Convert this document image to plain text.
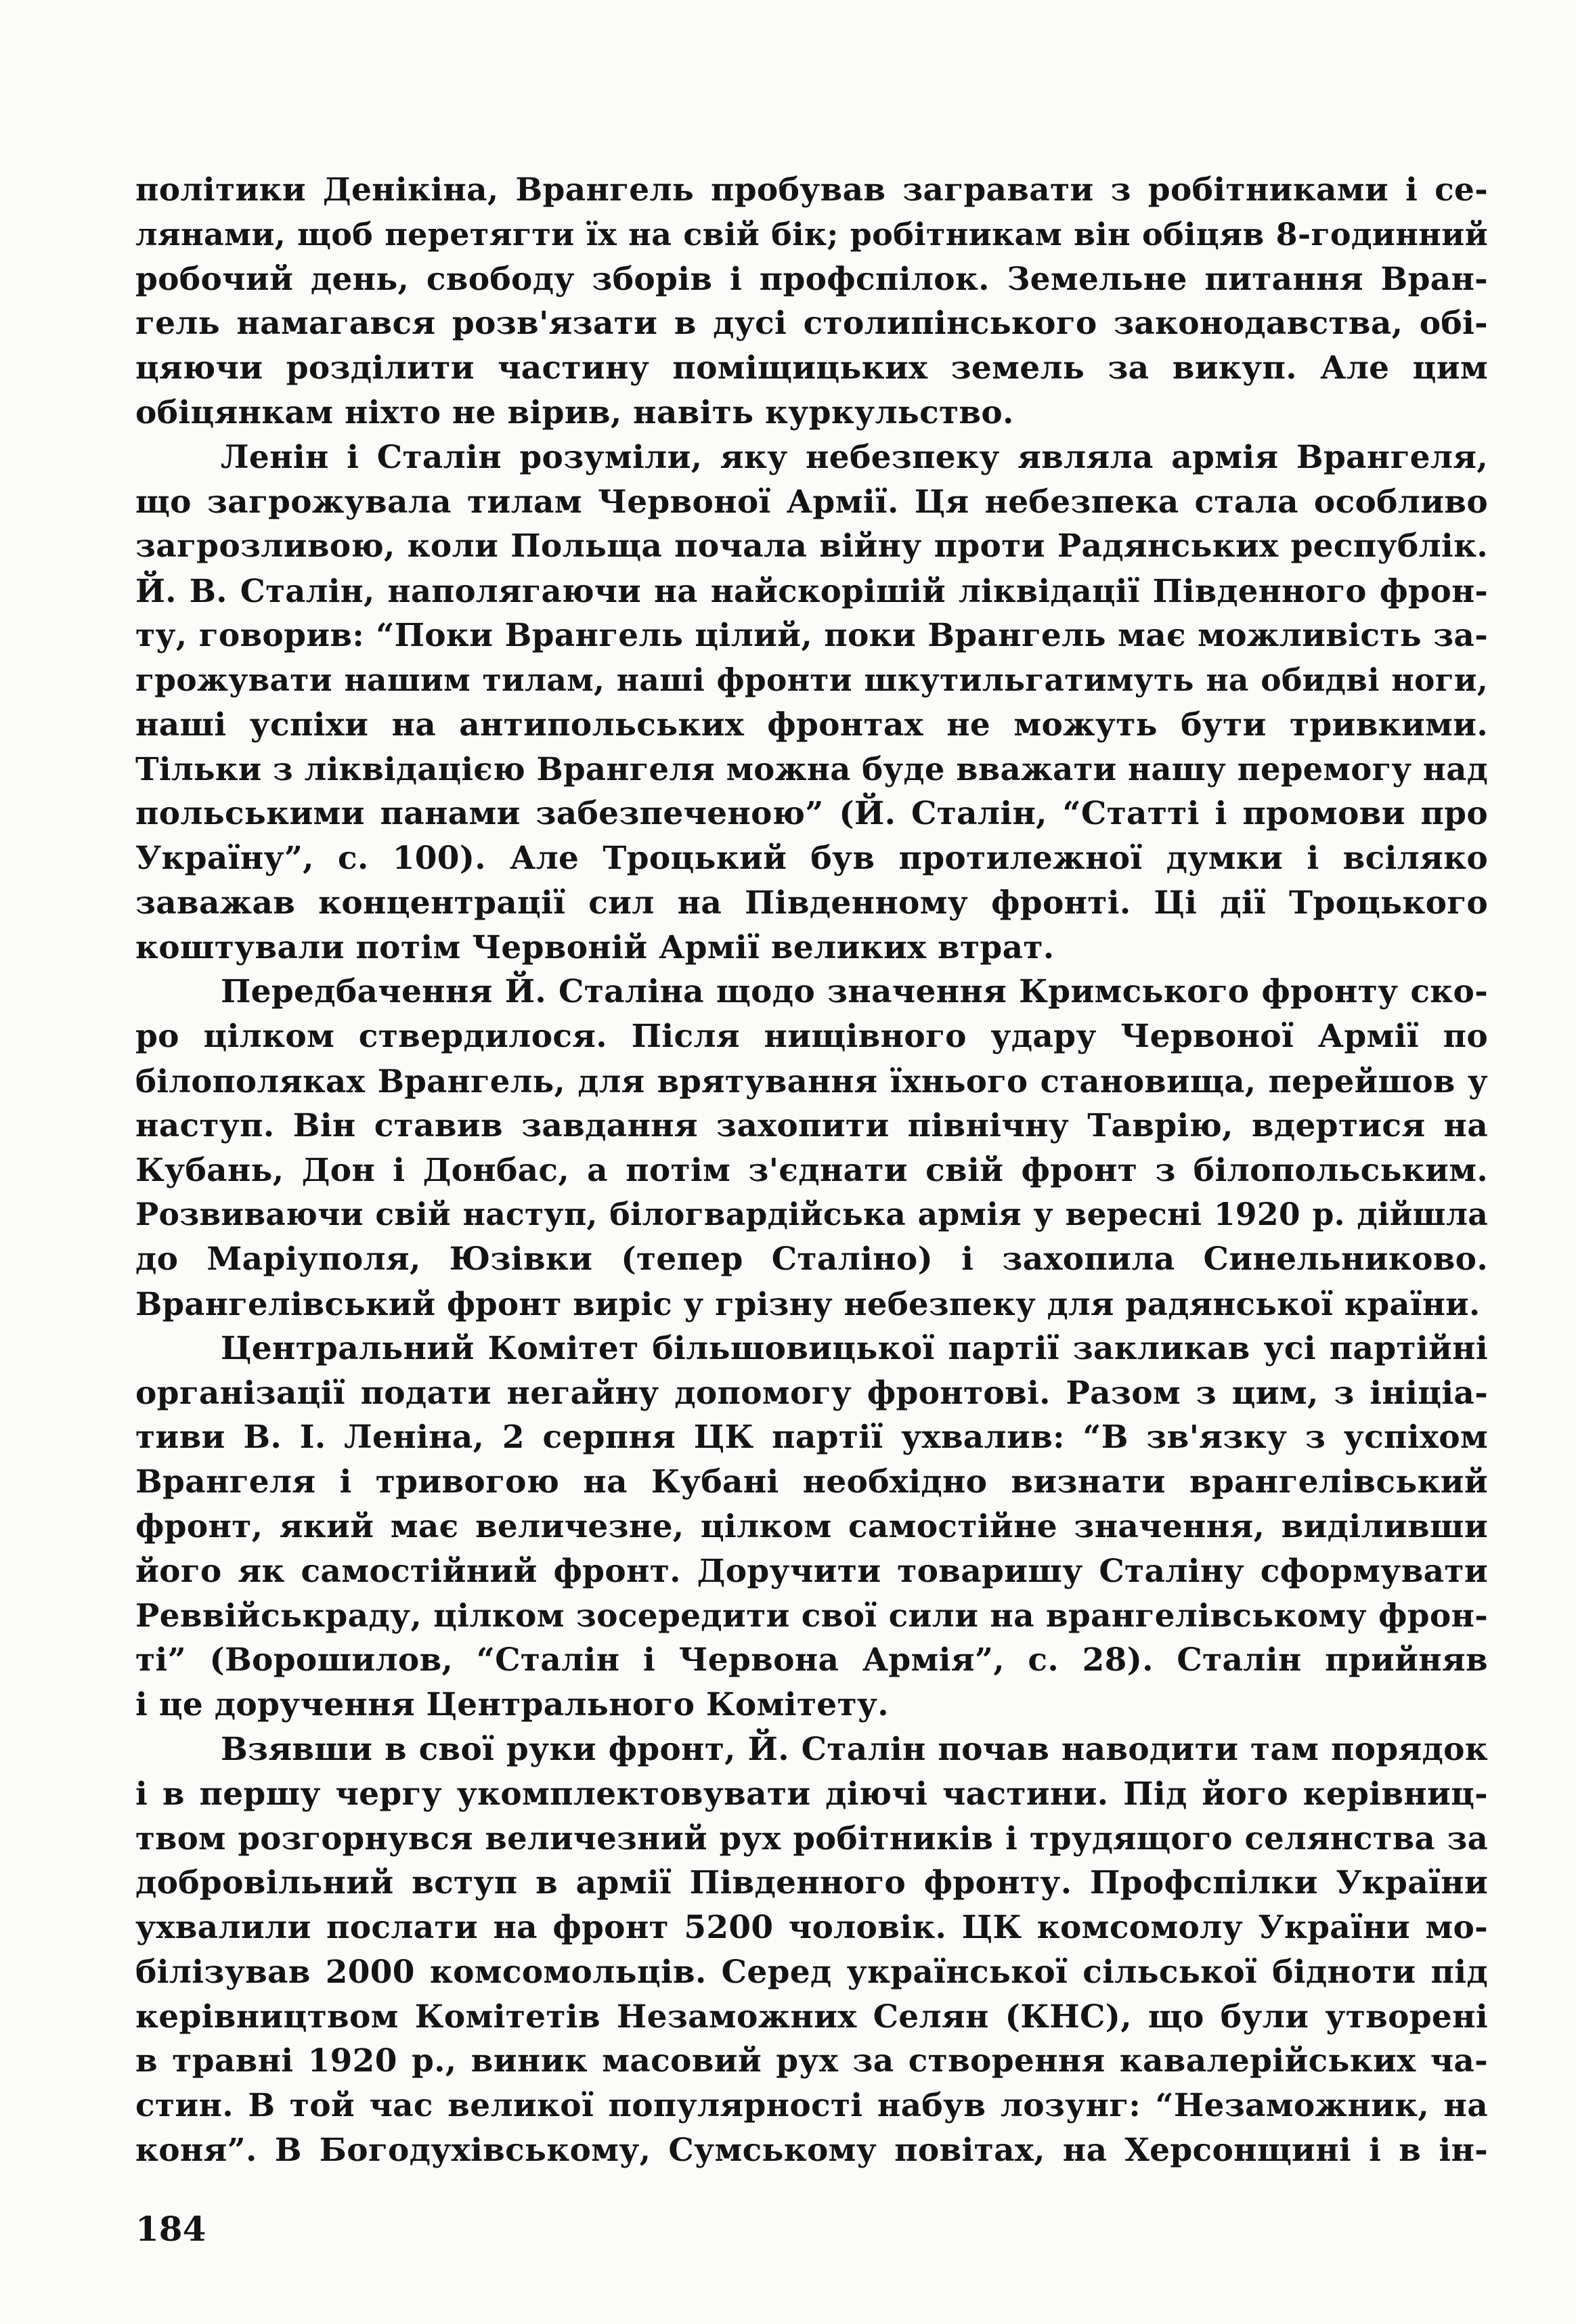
політики Денікіна, Врангель пробував загравати з робітниками і се-
лянами, щоб перетягти їх на свій бік; робітникам він обіцяв 8-годинний
робочий день, свободу зборів і профспілок. Земельне питання Вран-
гель намагався розв'язати в дусі столипінського законодавства, обі-
цяючи розділити частину поміщицьких земель за викуп. Але цим
обіцянкам ніхто не вірив, навіть куркульство.
Ленін і Сталін розуміли, яку небезпеку являла армія Врангеля,
що загрожувала тилам Червоної Армії. Ця небезпека стала особливо
загрозливою, коли Польща почала війну проти Радянських республік.
Й. В. Сталін, наполягаючи на найскорішій ліквідації Південного фрон-
ту, говорив: “Поки Врангель цілий, поки Врангель має можливість за-
грожувати нашим тилам, наші фронти шкутильгатимуть на обидві ноги,
наші успіхи на антипольських фронтах не можуть бути тривкими.
Тільки з ліквідацією Врангеля можна буде вважати нашу перемогу над
польськими панами забезпеченою” (Й. Сталін, “Статті і промови про
Україну”, с. 100). Але Троцький був протилежної думки і всіляко
заважав концентрації сил на Південному фронті. Ці дії Троцького
коштували потім Червоній Армії великих втрат.
Передбачення Й. Сталіна щодо значення Кримського фронту ско-
ро цілком ствердилося. Після нищівного удару Червоної Армії по
білополяках Врангель, для врятування їхнього становища, перейшов у
наступ. Він ставив завдання захопити північну Таврію, вдертися на
Кубань, Дон і Донбас, а потім з'єднати свій фронт з білопольським.
Розвиваючи свій наступ, білогвардійська армія у вересні 1920 р. дійшла
до Маріуполя, Юзівки (тепер Сталіно) і захопила Синельниково.
Врангелівський фронт виріс у грізну небезпеку для радянської країни.
Центральний Комітет більшовицької партії закликав усі партійні
організації подати негайну допомогу фронтові. Разом з цим, з ініціа-
тиви В. І. Леніна, 2 серпня ЦК партії ухвалив: “В зв'язку з успіхом
Врангеля і тривогою на Кубані необхідно визнати врангелівський
фронт, який має величезне, цілком самостійне значення, виділивши
його як самостійний фронт. Доручити товаришу Сталіну сформувати
Реввійськраду, цілком зосередити свої сили на врангелівському фрон-
ті” (Ворошилов, “Сталін і Червона Армія”, с. 28). Сталін прийняв
і це доручення Центрального Комітету.
Взявши в свої руки фронт, Й. Сталін почав наводити там порядок
і в першу чергу укомплектовувати діючі частини. Під його керівниц-
твом розгорнувся величезний рух робітників і трудящого селянства за
добровільний вступ в армії Південного фронту. Профспілки України
ухвалили послати на фронт 5200 чоловік. ЦК комсомолу України мо-
білізував 2000 комсомольців. Серед української сільської бідноти під
керівництвом Комітетів Незаможних Селян (КНС), що були утворені
в травні 1920 р., виник масовий рух за створення кавалерійських ча-
стин. В той час великої популярності набув лозунг: “Незаможник, на
коня”. В Богодухівському, Сумському повітах, на Херсонщині і в ін-
184
